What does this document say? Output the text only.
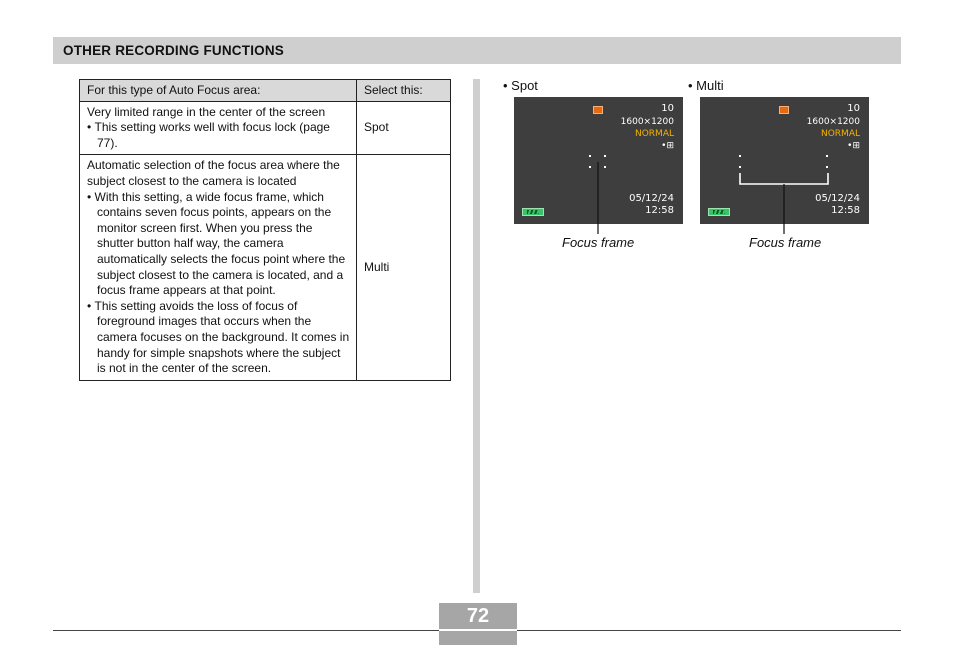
OTHER RECORDING FUNCTIONS
For this type of Auto Focus area:	Select this:
Very limited range in the center of the screen
• This setting works well with focus lock (page 77).	Spot
Automatic selection of the focus area where the subject closest to the camera is located
• With this setting, a wide focus frame, which contains seven focus points, appears on the monitor screen first. When you press the shutter button half way, the camera automatically selects the focus point where the subject closest to the camera is located, and a focus frame appears at that point.
• This setting avoids the loss of focus of foreground images that occurs when the camera focuses on the background. It comes in handy for simple snapshots where the subject is not in the center of the screen.	Multi
• Spot
10
1600×1200
NORMAL
•⊞
05/12/24
12:58
Focus frame
• Multi
10
1600×1200
NORMAL
•⊞
05/12/24
12:58
Focus frame
72
